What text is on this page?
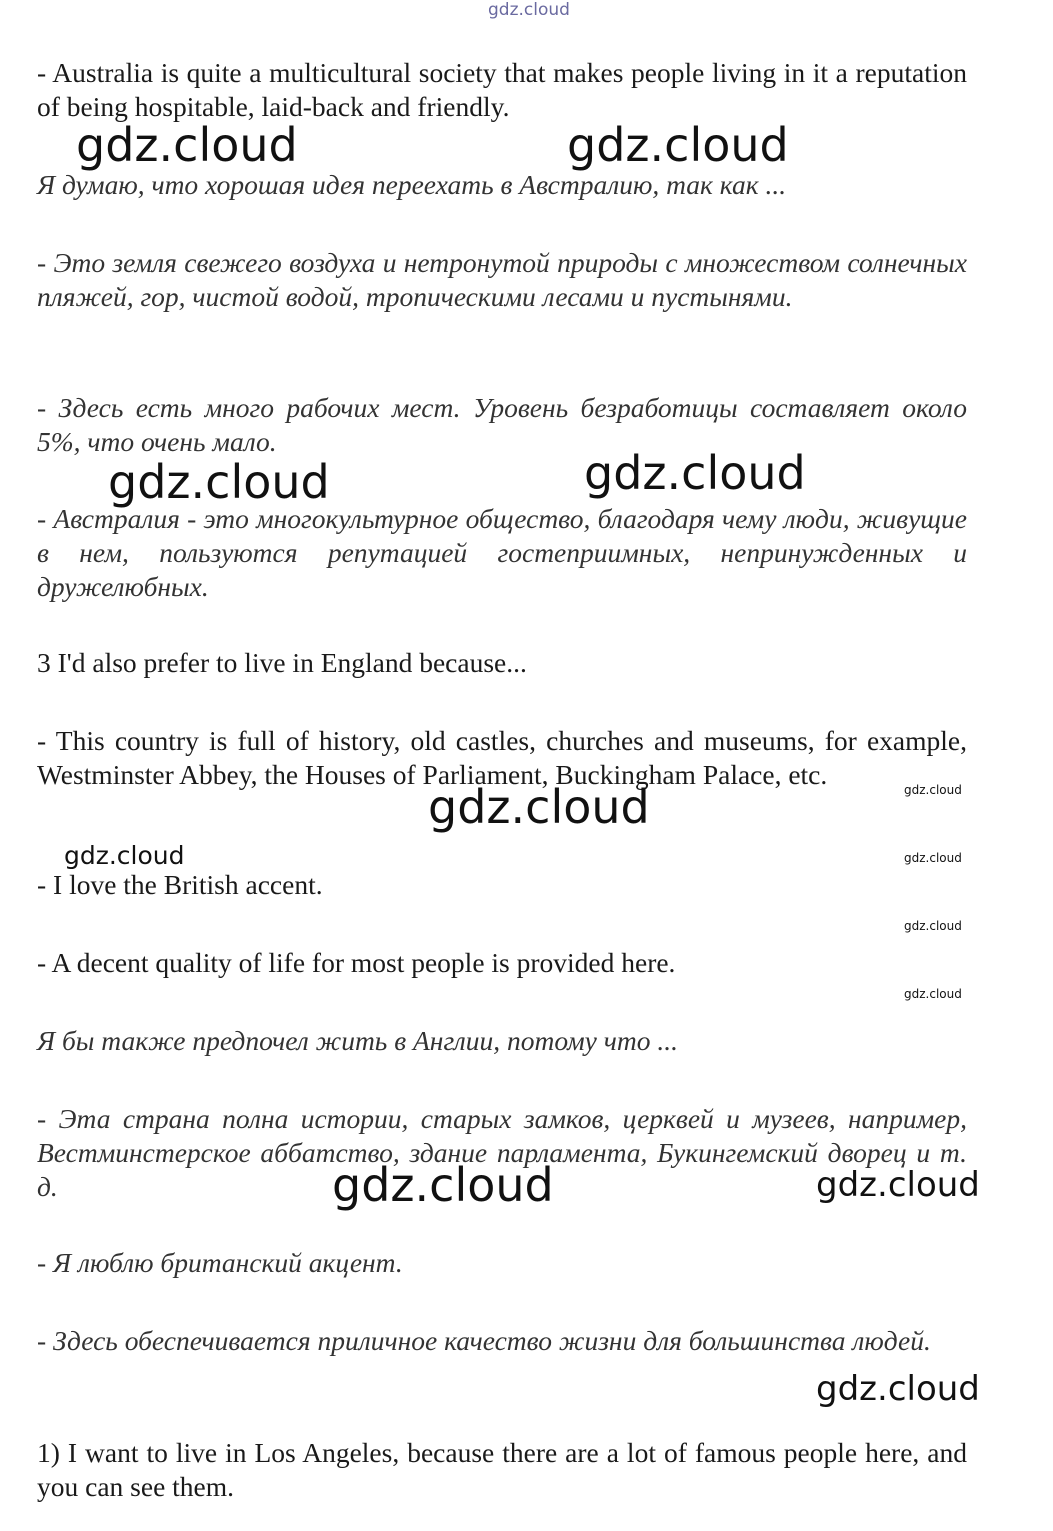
gdz.cloud

- Australia is quite a multicultural society that makes people living in it a reputation of being hospitable, laid-back and friendly.

Я думаю, что хорошая идея переехать в Австралию, так как ...

- Это земля свежего воздуха и нетронутой природы с множеством солнечных пляжей, гор, чистой водой, тропическими лесами и пустынями.

- Здесь есть много рабочих мест. Уровень безработицы составляет около 5%, что очень мало.

- Австралия - это многокультурное общество, благодаря чему люди, живущие в нем, пользуются репутацией гостеприимных, непринужденных и дружелюбных.

3 I'd also prefer to live in England because...

- This country is full of history, old castles, churches and museums, for example, Westminster Abbey, the Houses of Parliament, Buckingham Palace, etc.

- I love the British accent.

- A decent quality of life for most people is provided here.

Я бы также предпочел жить в Англии, потому что ...

- Эта страна полна истории, старых замков, церквей и музеев, например, Вестминстерское аббатство, здание парламента, Букингемский дворец и т. д.

- Я люблю британский акцент.

- Здесь обеспечивается приличное качество жизни для большинства людей.

1) I want to live in Los Angeles, because there are a lot of famous people here, and you can see them.

gdz.cloud	gdz.cloud
gdz.cloud	gdz.cloud
gdz.cloud
gdz.cloud
gdz.cloud
gdz.cloud
gdz.cloud
gdz.cloud
gdz.cloud	gdz.cloud
gdz.cloud
